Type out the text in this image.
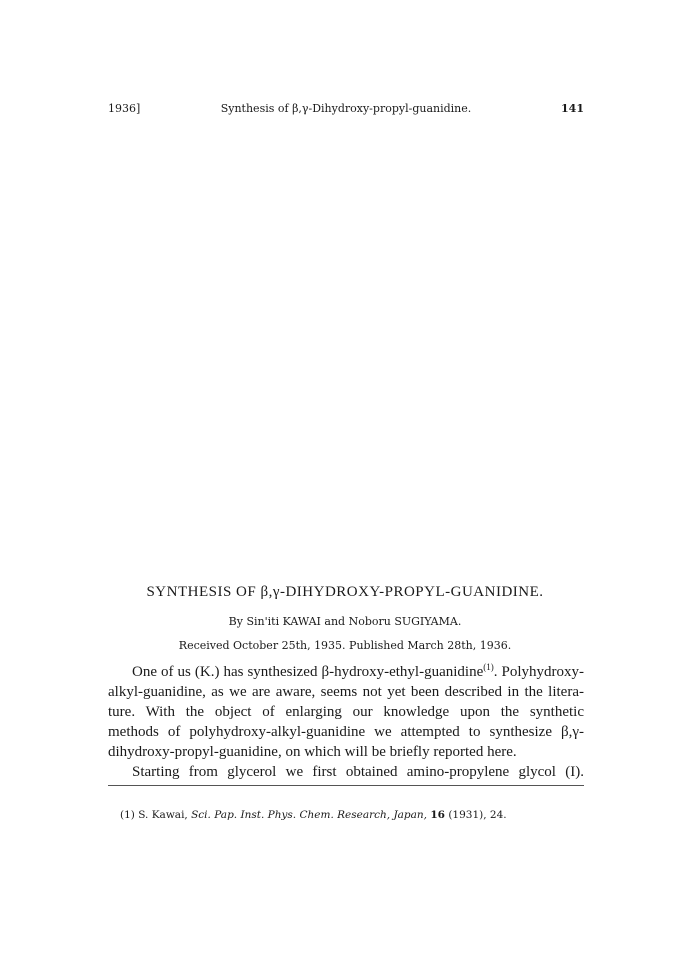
1936]	Synthesis of β,γ-Dihydroxy-propyl-guanidine.	141
SYNTHESIS OF β,γ-DIHYDROXY-PROPYL-GUANIDINE.
By Sin'iti KAWAI and Noboru SUGIYAMA.
Received October 25th, 1935. Published March 28th, 1936.
One of us (K.) has synthesized β-hydroxy-ethyl-guanidine$^{(1)}$. Polyhydroxy-
alkyl-guanidine, as we are aware, seems not yet been described in the litera-
ture. With the object of enlarging our knowledge upon the synthetic
methods of polyhydroxy-alkyl-guanidine we attempted to synthesize β,γ-
dihydroxy-propyl-guanidine, on which will be briefly reported here.
Starting from glycerol we first obtained amino-propylene glycol (I).
(1) S. Kawai, Sci. Pap. Inst. Phys. Chem. Research, Japan, 16 (1931), 24.
